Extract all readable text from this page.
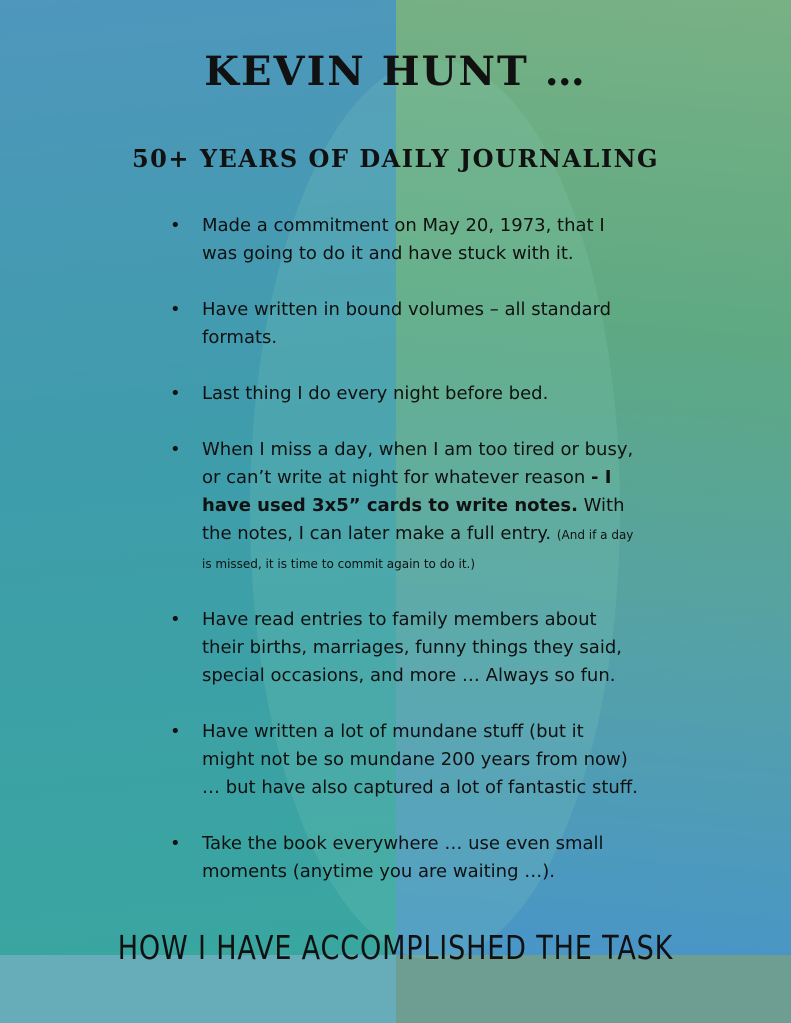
KEVIN HUNT …
50+ YEARS OF DAILY JOURNALING
• Made a commitment on May 20, 1973, that I was going to do it and have stuck with it.
• Have written in bound volumes – all standard formats.
• Last thing I do every night before bed.
• When I miss a day, when I am too tired or busy, or can’t write at night for whatever reason - I have used 3x5” cards to write notes. With the notes, I can later make a full entry. (And if a day is missed, it is time to commit again to do it.)
• Have read entries to family members about their births, marriages, funny things they said, special occasions, and more … Always so fun.
• Have written a lot of mundane stuff (but it might not be so mundane 200 years from now) … but have also captured a lot of fantastic stuff.
• Take the book everywhere … use even small moments (anytime you are waiting …).
HOW I HAVE ACCOMPLISHED THE TASK
